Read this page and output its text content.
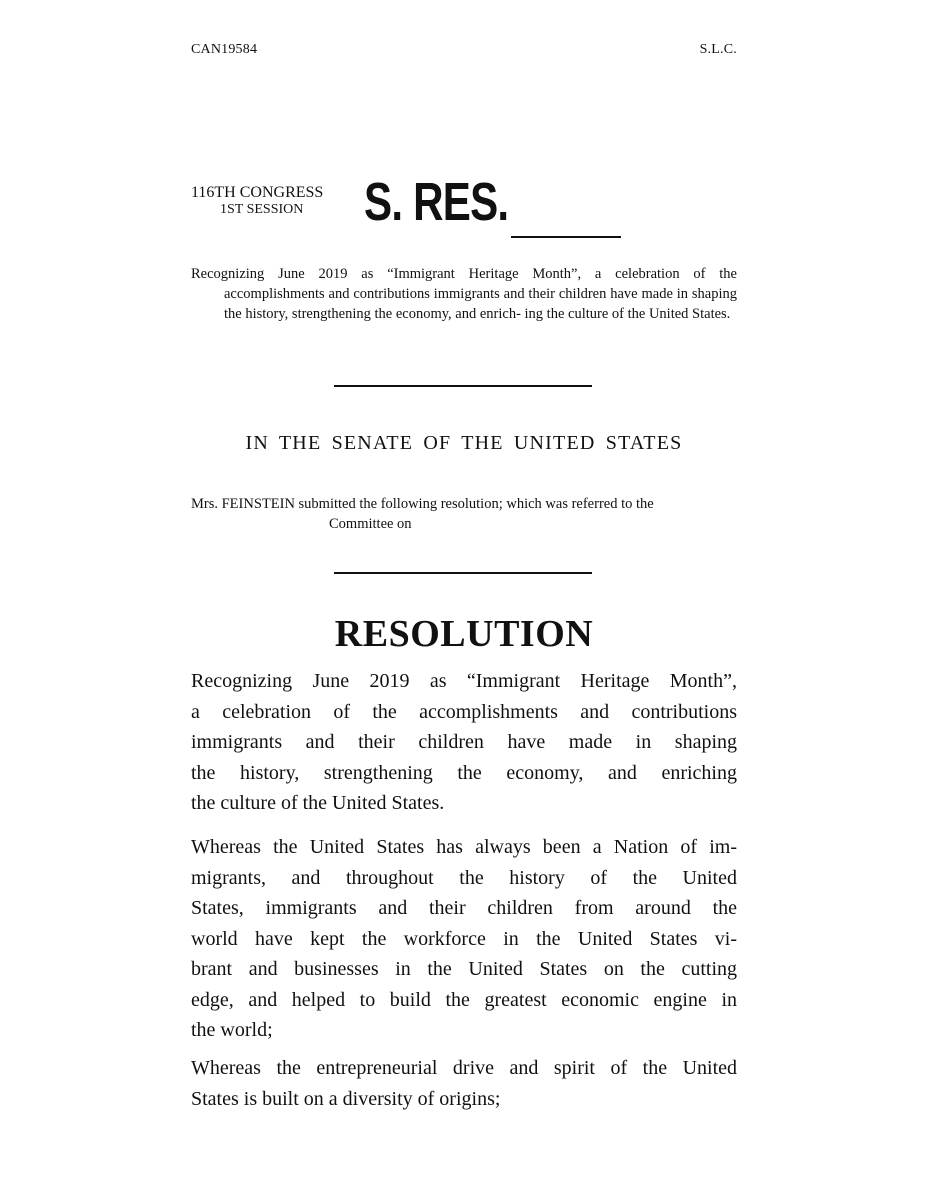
CAN19584	S.L.C.
116TH CONGRESS
1ST SESSION	S. RES.

Recognizing June 2019 as “Immigrant Heritage Month”, a celebration of the accomplishments and contributions immigrants and their children have made in shaping the history, strengthening the economy, and enrich- ing the culture of the United States.

IN THE SENATE OF THE UNITED STATES
Mrs. FEINSTEIN submitted the following resolution; which was referred to the
Committee on
RESOLUTION

Recognizing June 2019 as “Immigrant Heritage Month”,
a celebration of the accomplishments and contributions
immigrants and their children have made in shaping
the history, strengthening the economy, and enriching
the culture of the United States.

Whereas the United States has always been a Nation of im-
migrants, and throughout the history of the United
States, immigrants and their children from around the
world have kept the workforce in the United States vi-
brant and businesses in the United States on the cutting
edge, and helped to build the greatest economic engine in
the world;

Whereas the entrepreneurial drive and spirit of the United
States is built on a diversity of origins;
